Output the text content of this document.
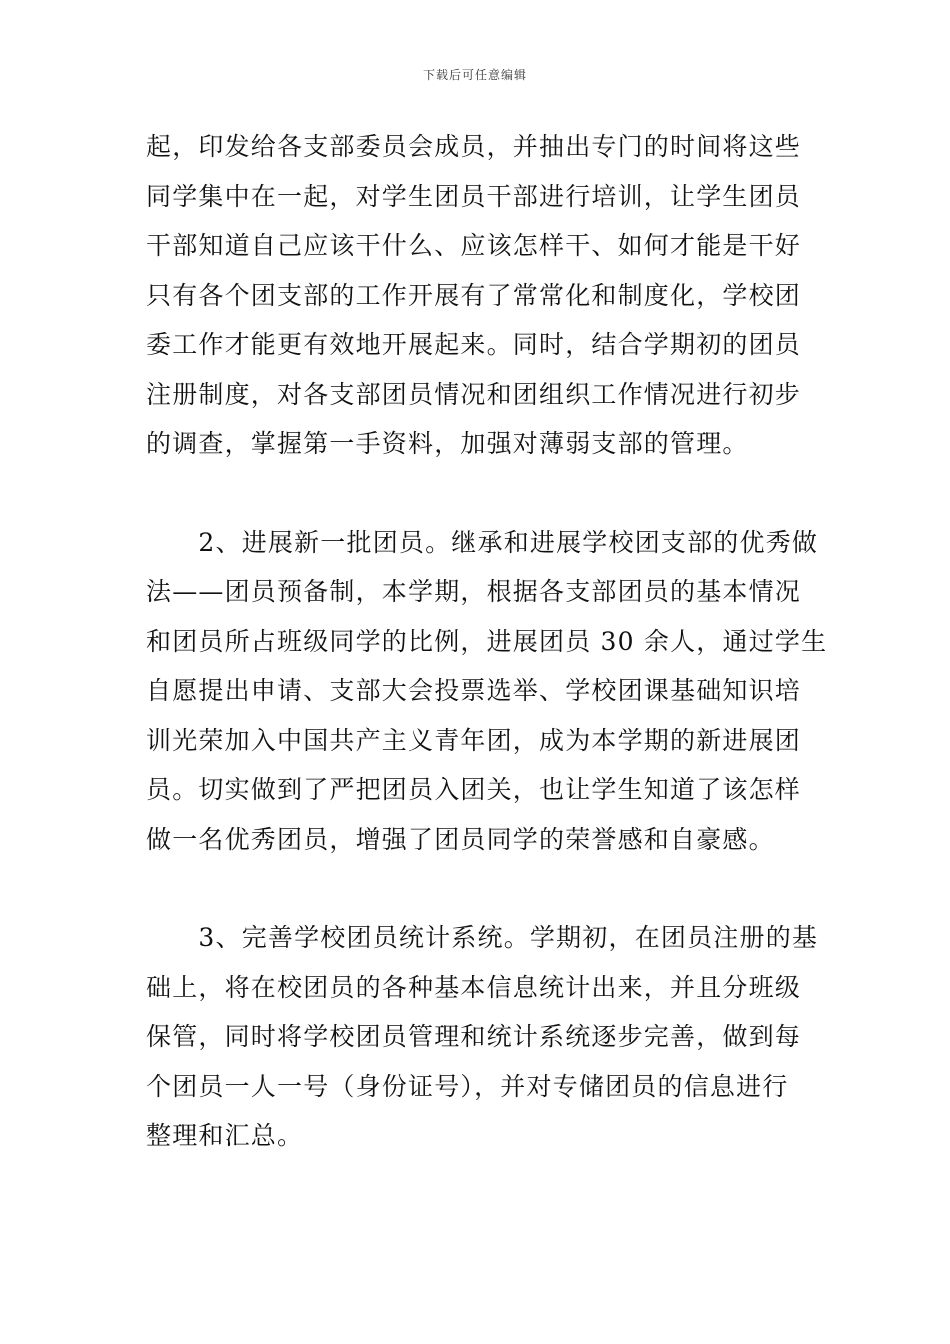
下载后可任意编辑
起，印发给各支部委员会成员，并抽出专门的时间将这些
同学集中在一起，对学生团员干部进行培训，让学生团员
干部知道自己应该干什么、应该怎样干、如何才能是干好
只有各个团支部的工作开展有了常常化和制度化，学校团
委工作才能更有效地开展起来。同时，结合学期初的团员
注册制度，对各支部团员情况和团组织工作情况进行初步
的调查，掌握第一手资料，加强对薄弱支部的管理。
　　2、进展新一批团员。继承和进展学校团支部的优秀做
法——团员预备制，本学期，根据各支部团员的基本情况
和团员所占班级同学的比例，进展团员 30 余人，通过学生
自愿提出申请、支部大会投票选举、学校团课基础知识培
训光荣加入中国共产主义青年团，成为本学期的新进展团
员。切实做到了严把团员入团关，也让学生知道了该怎样
做一名优秀团员，增强了团员同学的荣誉感和自豪感。
　　3、完善学校团员统计系统。学期初，在团员注册的基
础上，将在校团员的各种基本信息统计出来，并且分班级
保管，同时将学校团员管理和统计系统逐步完善，做到每
个团员一人一号（身份证号），并对专储团员的信息进行
整理和汇总。
